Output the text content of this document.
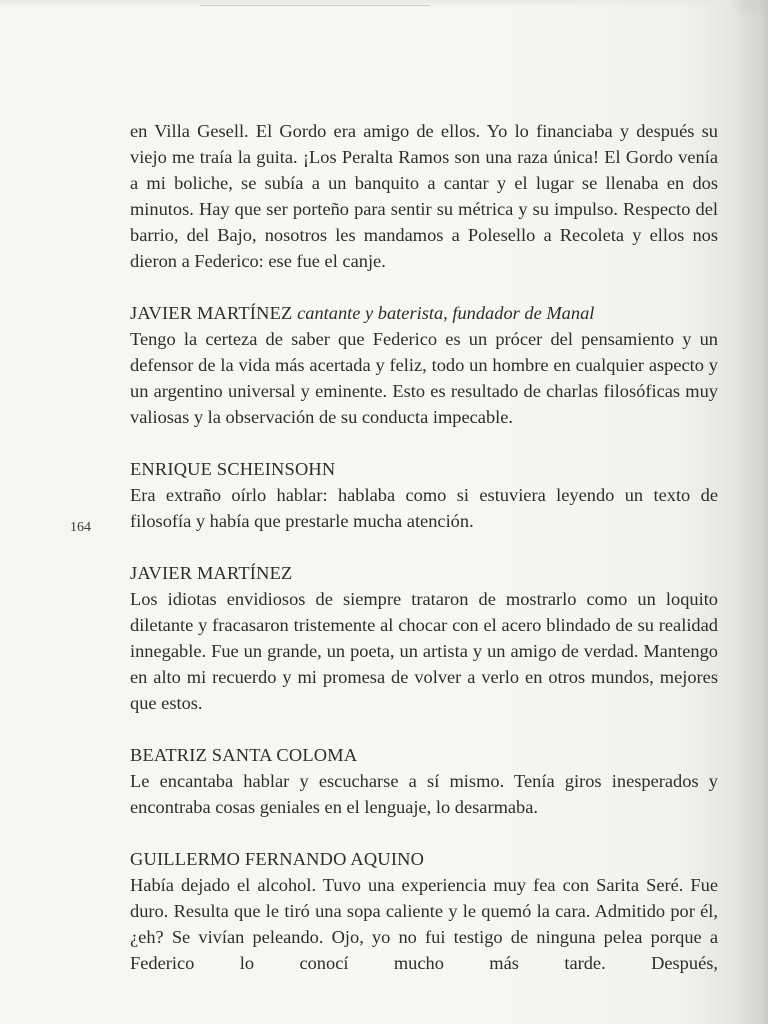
164

en Villa Gesell. El Gordo era amigo de ellos. Yo lo financiaba y después su viejo me traía la guita. ¡Los Peralta Ramos son una raza única! El Gordo venía a mi boliche, se subía a un banquito a cantar y el lugar se llenaba en dos minutos. Hay que ser porteño para sentir su métrica y su impulso. Respecto del barrio, del Bajo, nosotros les mandamos a Polesello a Recoleta y ellos nos dieron a Federico: ese fue el canje.

JAVIER MARTÍNEZ cantante y baterista, fundador de Manal

Tengo la certeza de saber que Federico es un prócer del pensamiento y un defensor de la vida más acertada y feliz, todo un hombre en cualquier aspecto y un argentino universal y eminente. Esto es resultado de charlas filosóficas muy valiosas y la observación de su conducta impecable.

ENRIQUE SCHEINSOHN

Era extraño oírlo hablar: hablaba como si estuviera leyendo un texto de filosofía y había que prestarle mucha atención.

JAVIER MARTÍNEZ

Los idiotas envidiosos de siempre trataron de mostrarlo como un loquito diletante y fracasaron tristemente al chocar con el acero blindado de su realidad innegable. Fue un grande, un poeta, un artista y un amigo de verdad. Mantengo en alto mi recuerdo y mi promesa de volver a verlo en otros mundos, mejores que estos.

BEATRIZ SANTA COLOMA

Le encantaba hablar y escucharse a sí mismo. Tenía giros inesperados y encontraba cosas geniales en el lenguaje, lo desarmaba.

GUILLERMO FERNANDO AQUINO

Había dejado el alcohol. Tuvo una experiencia muy fea con Sarita Seré. Fue duro. Resulta que le tiró una sopa caliente y le quemó la cara. Admitido por él, ¿eh? Se vivían peleando. Ojo, yo no fui testigo de ninguna pelea porque a Federico lo conocí mucho más tarde. Después,
